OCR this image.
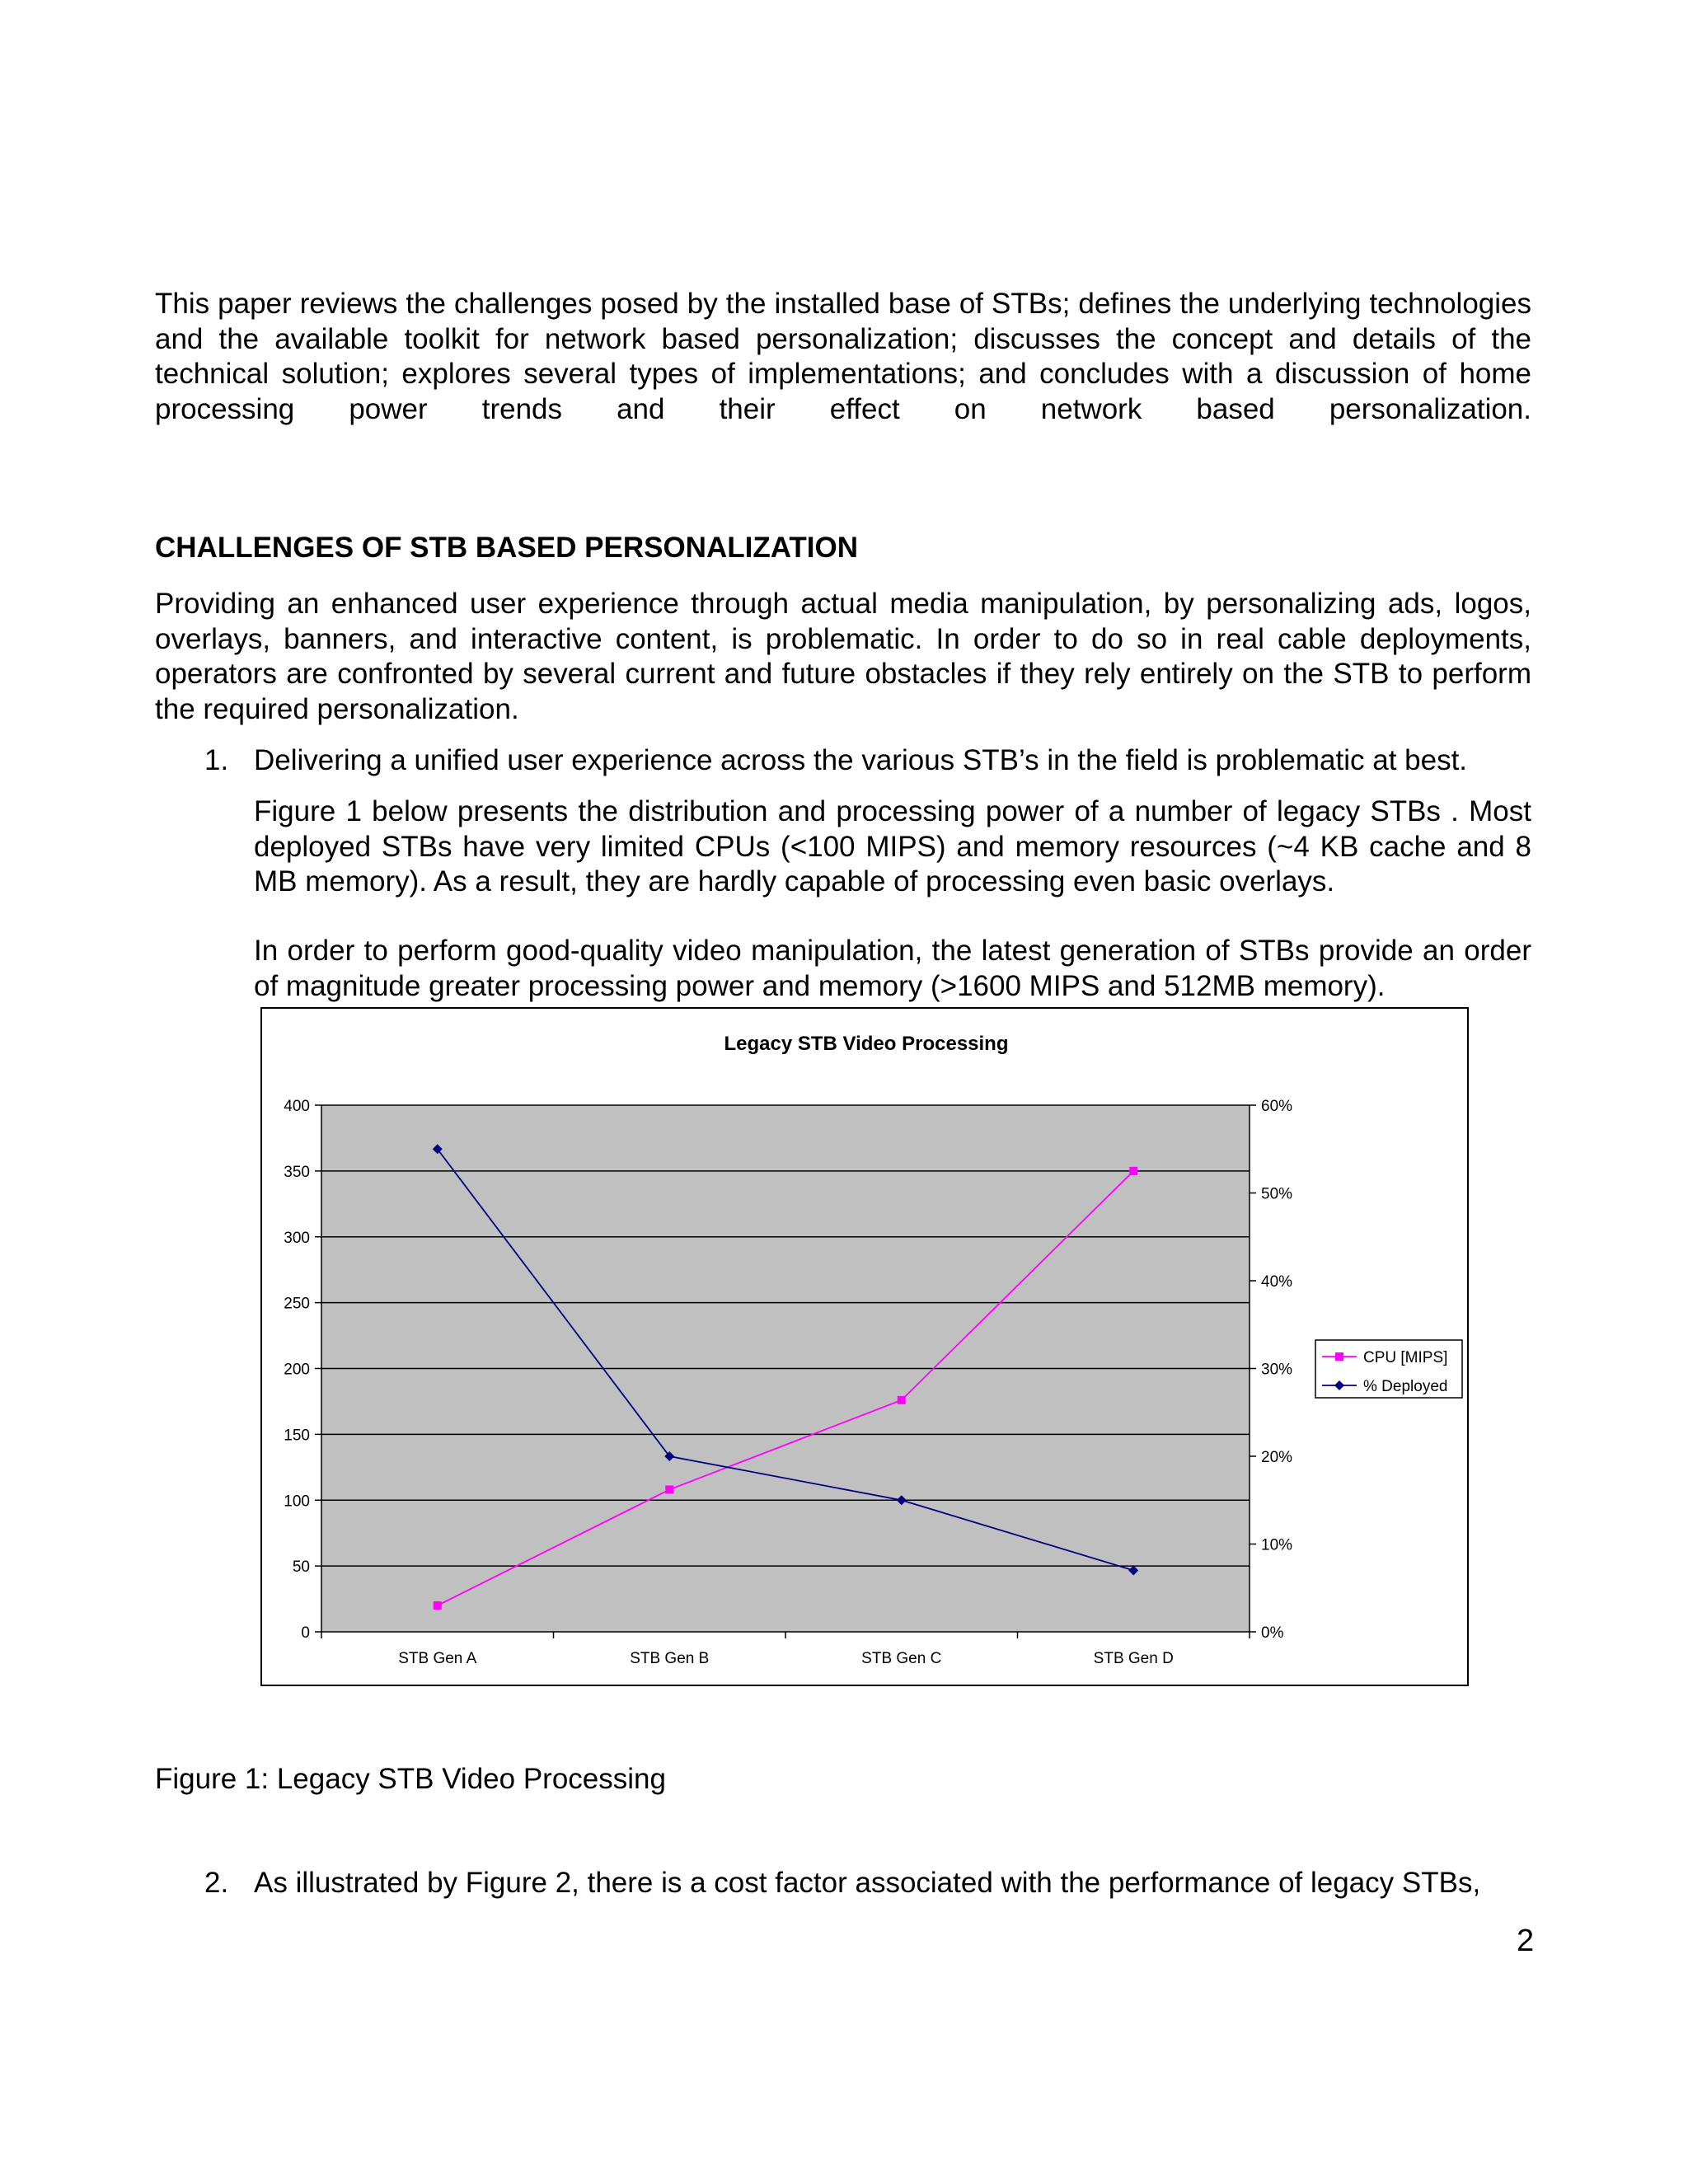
This paper reviews the challenges posed by the installed base of STBs; defines the underlying technologies and the available toolkit for network based personalization; discusses the concept and details of the technical solution; explores several types of implementations; and concludes with a discussion of home processing power trends and their effect on network based personalization.

CHALLENGES OF STB BASED PERSONALIZATION

Providing an enhanced user experience through actual media manipulation, by personalizing ads, logos, overlays, banners, and interactive content, is problematic. In order to do so in real cable deployments, operators are confronted by several current and future obstacles if they rely entirely on the STB to perform the required personalization.

1. Delivering a unified user experience across the various STB’s in the field is problematic at best.

Figure 1 below presents the distribution and processing power of a number of legacy STBs . Most deployed STBs have very limited CPUs (<100 MIPS) and memory resources (~4 KB cache and 8 MB memory). As a result, they are hardly capable of processing even basic overlays.

In order to perform good-quality video manipulation, the latest generation of STBs provide an order of magnitude greater processing power and memory (>1600 MIPS and 512MB memory).

Legacy STB Video Processing
0
50
100
150
200
250
300
350
400
0%
10%
20%
30%
40%
50%
60%
STB Gen A	STB Gen B	STB Gen C	STB Gen D
CPU [MIPS]
% Deployed

Figure 1: Legacy STB Video Processing

2. As illustrated by Figure 2, there is a cost factor associated with the performance of legacy STBs,

2
